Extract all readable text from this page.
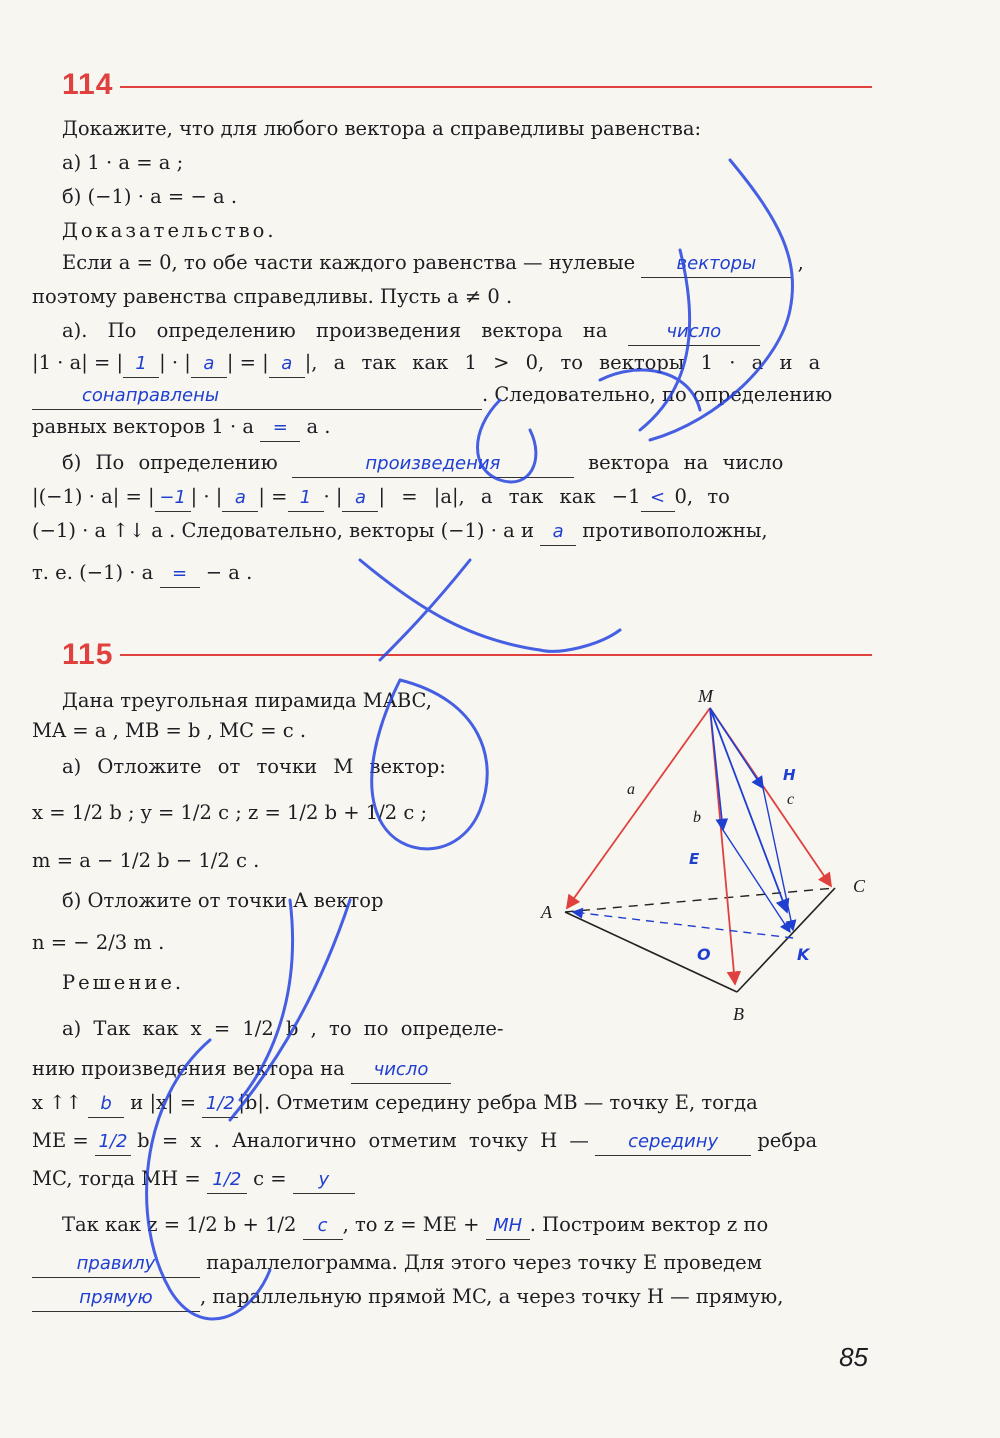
114
Докажите, что для любого вектора a справедливы равенства:
а) 1 · a = a ;
б) (−1) · a = − a .
Доказательство.
Если a = 0, то обе части каждого равенства — нулевые векторы ,
поэтому равенства справедливы. Пусть a ≠ 0 .
а). По определению произведения вектора на	число
|1 · a| = | 1 | · | a | = | a |, а так как 1 > 0, то векторы 1 · a и a
сонаправлены	. Следовательно, по определению
равных векторов 1 · a = a .
б) По определению	произведения	вектора на число
|(−1) · a| = | −1 | · | a | = 1 · | a | = |a|, а так как −1 < 0, то
(−1) · a ↑↓ a . Следовательно, векторы (−1) · a и a противоположны,
т. е. (−1) · a = − a .
115
Дана треугольная пирамида MABC,
MA = a , MB = b , MC = c .
а) Отложите от точки M вектор:
x = 1/2 b ; y = 1/2 c ; z = 1/2 b + 1/2 c ;
m = a − 1/2 b − 1/2 c .
б) Отложите от точки A вектор
n = − 2/3 m .
Решение.
а) Так как x = 1/2 b , то по определе-
нию произведения вектора на число
x ↑↑ b и |x| = 1/2 |b|. Отметим середину ребра MB — точку E, тогда
ME = 1/2 b = x . Аналогично отметим точку H — середину ребра
MC, тогда MH = 1/2 c = y
Так как z = 1/2 b + 1/2 c , то z = ME + MH . Построим вектор z по
правилу	параллелограмма. Для этого через точку E проведем
прямую , параллельную прямой MC, а через точку H — прямую,
M
A
B
C
a
b
c
H
E
O	K
85
